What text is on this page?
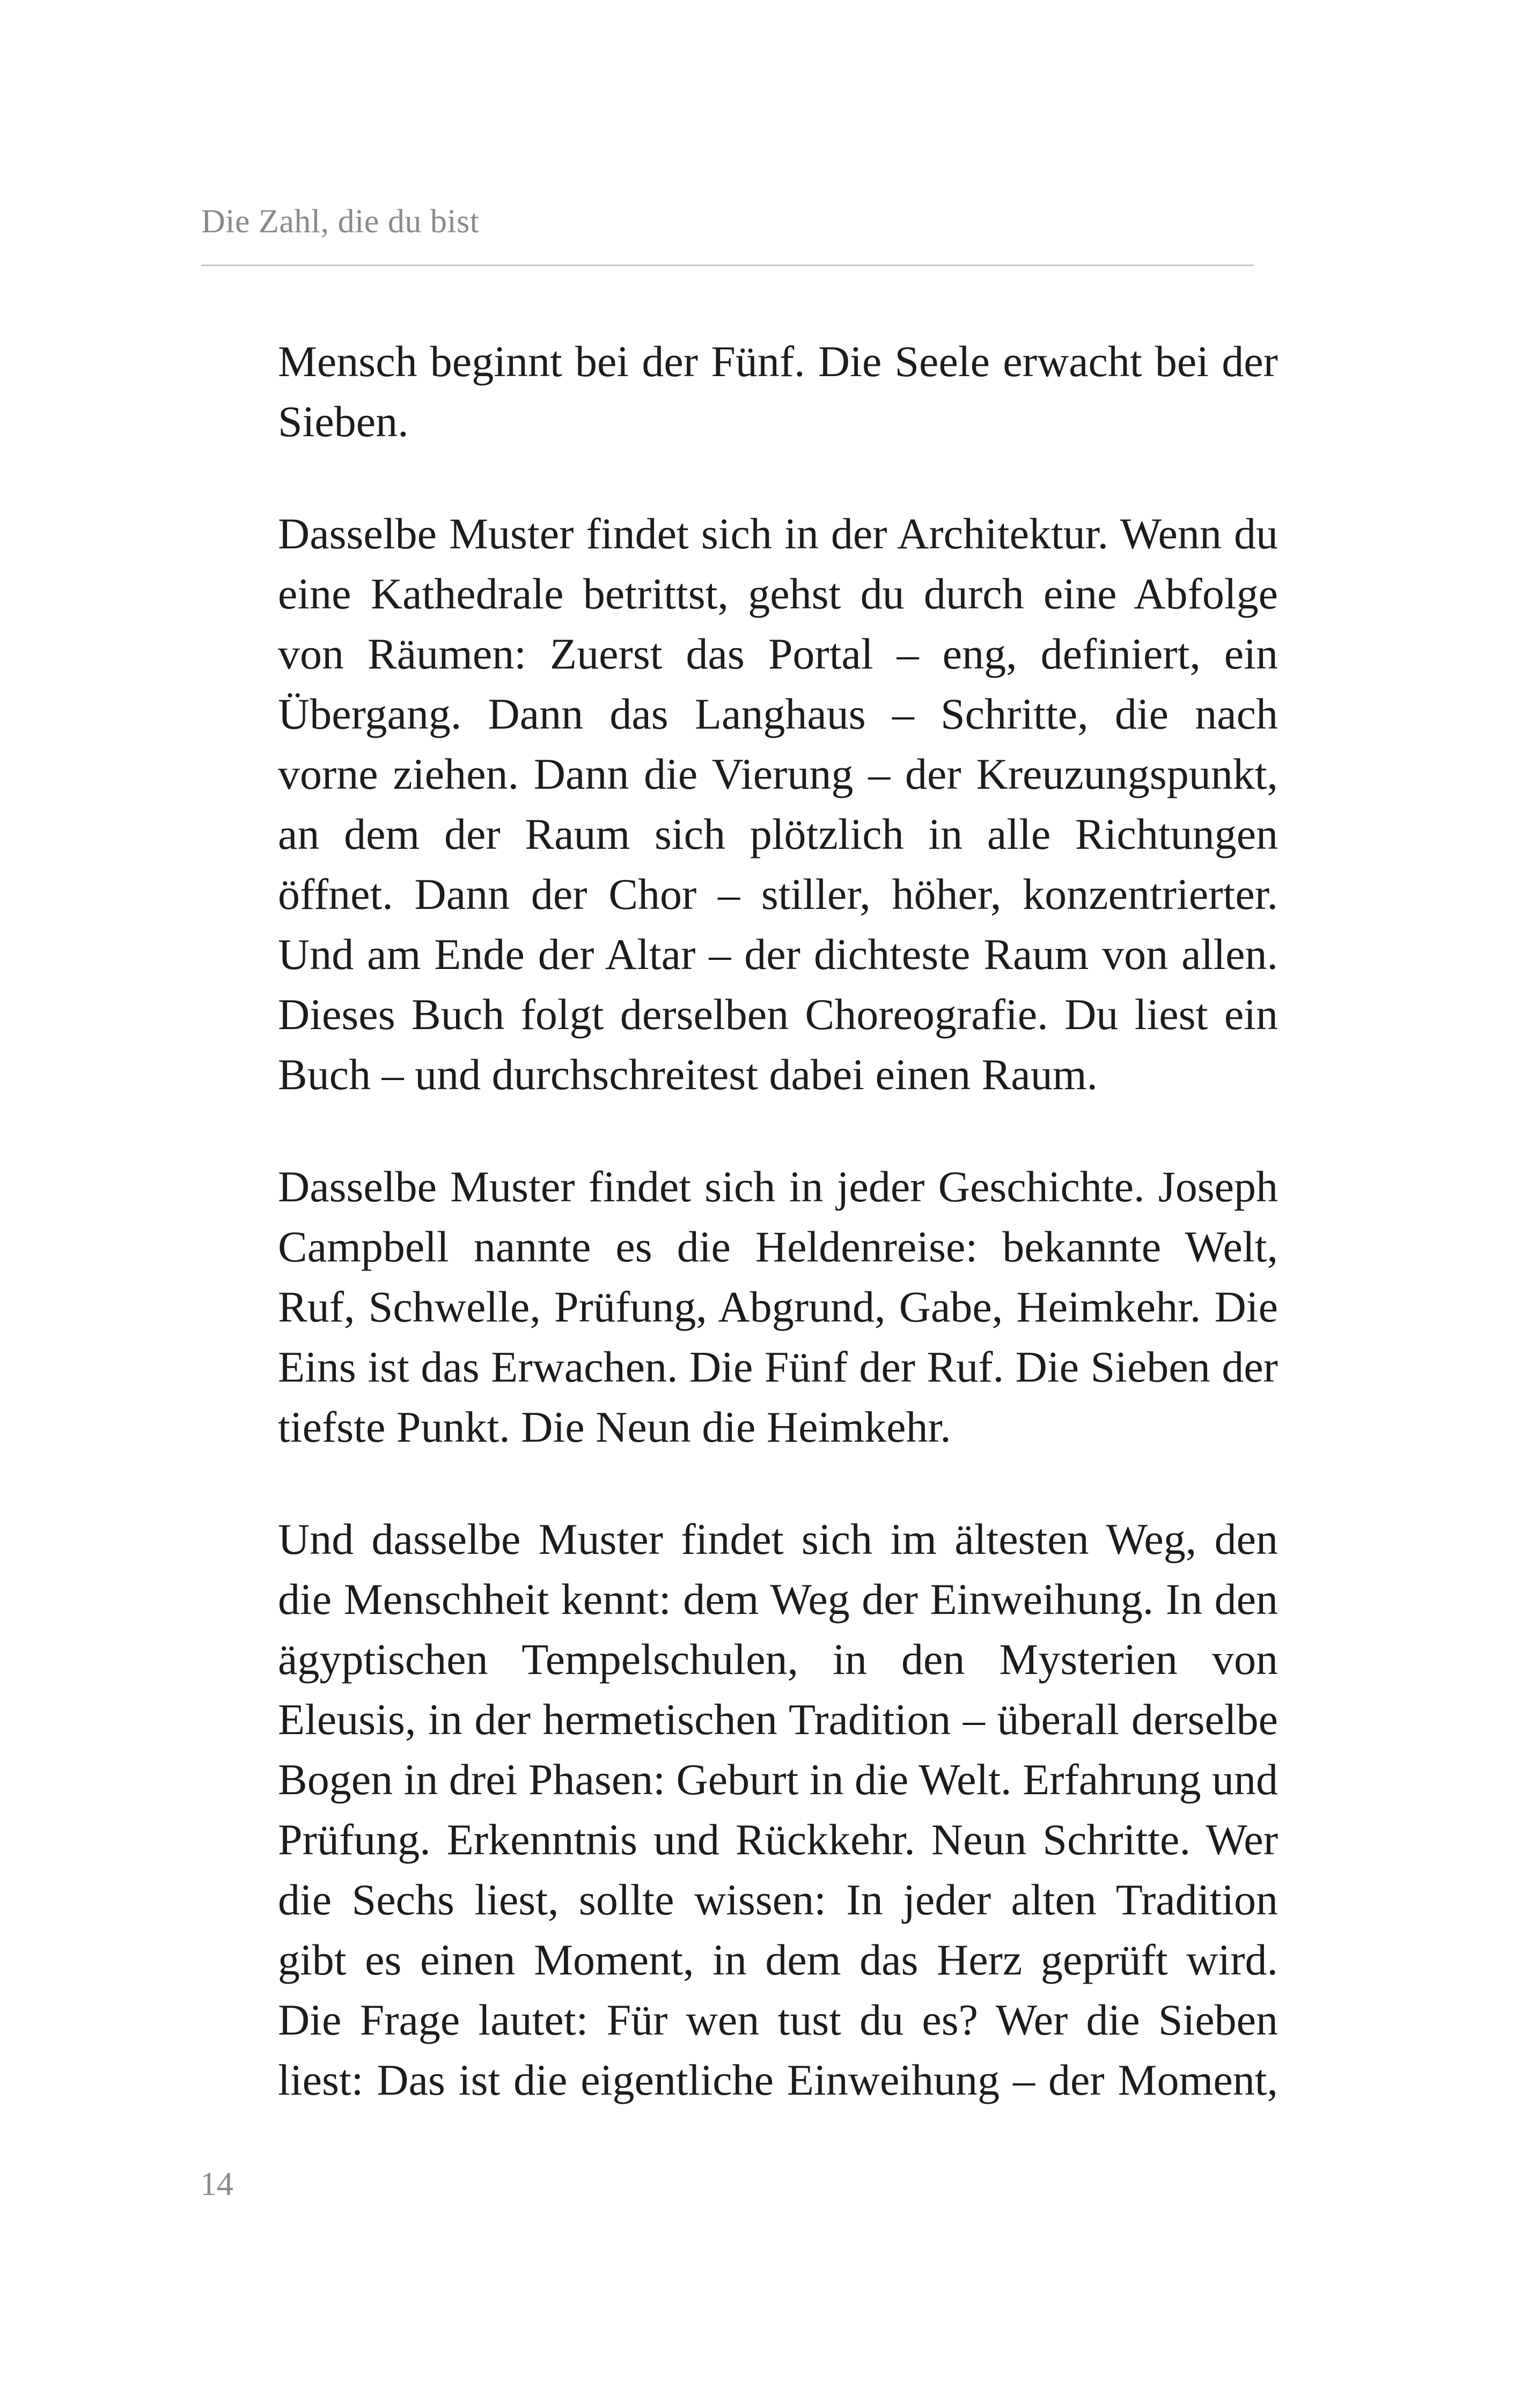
Die Zahl, die du bist

Mensch beginnt bei der Fünf. Die Seele erwacht bei der Sieben.

Dasselbe Muster findet sich in der Architektur. Wenn du eine Kathedrale betrittst, gehst du durch eine Abfolge von Räumen: Zuerst das Portal – eng, definiert, ein Übergang. Dann das Langhaus – Schritte, die nach vorne ziehen. Dann die Vierung – der Kreuzungspunkt, an dem der Raum sich plötzlich in alle Richtungen öffnet. Dann der Chor – stiller, höher, konzentrierter. Und am Ende der Altar – der dichteste Raum von allen. Dieses Buch folgt derselben Choreografie. Du liest ein Buch – und durchschreitest dabei einen Raum.

Dasselbe Muster findet sich in jeder Geschichte. Joseph Campbell nannte es die Heldenreise: bekannte Welt, Ruf, Schwelle, Prüfung, Abgrund, Gabe, Heimkehr. Die Eins ist das Erwachen. Die Fünf der Ruf. Die Sieben der tiefste Punkt. Die Neun die Heimkehr.

Und dasselbe Muster findet sich im ältesten Weg, den die Menschheit kennt: dem Weg der Einweihung. In den ägyptischen Tempelschulen, in den Mysterien von Eleusis, in der hermetischen Tradition – überall derselbe Bogen in drei Phasen: Geburt in die Welt. Erfahrung und Prüfung. Erkenntnis und Rückkehr. Neun Schritte. Wer die Sechs liest, sollte wissen: In jeder alten Tradition gibt es einen Moment, in dem das Herz geprüft wird. Die Frage lautet: Für wen tust du es? Wer die Sieben liest: Das ist die eigentliche Einweihung – der Moment,

14
